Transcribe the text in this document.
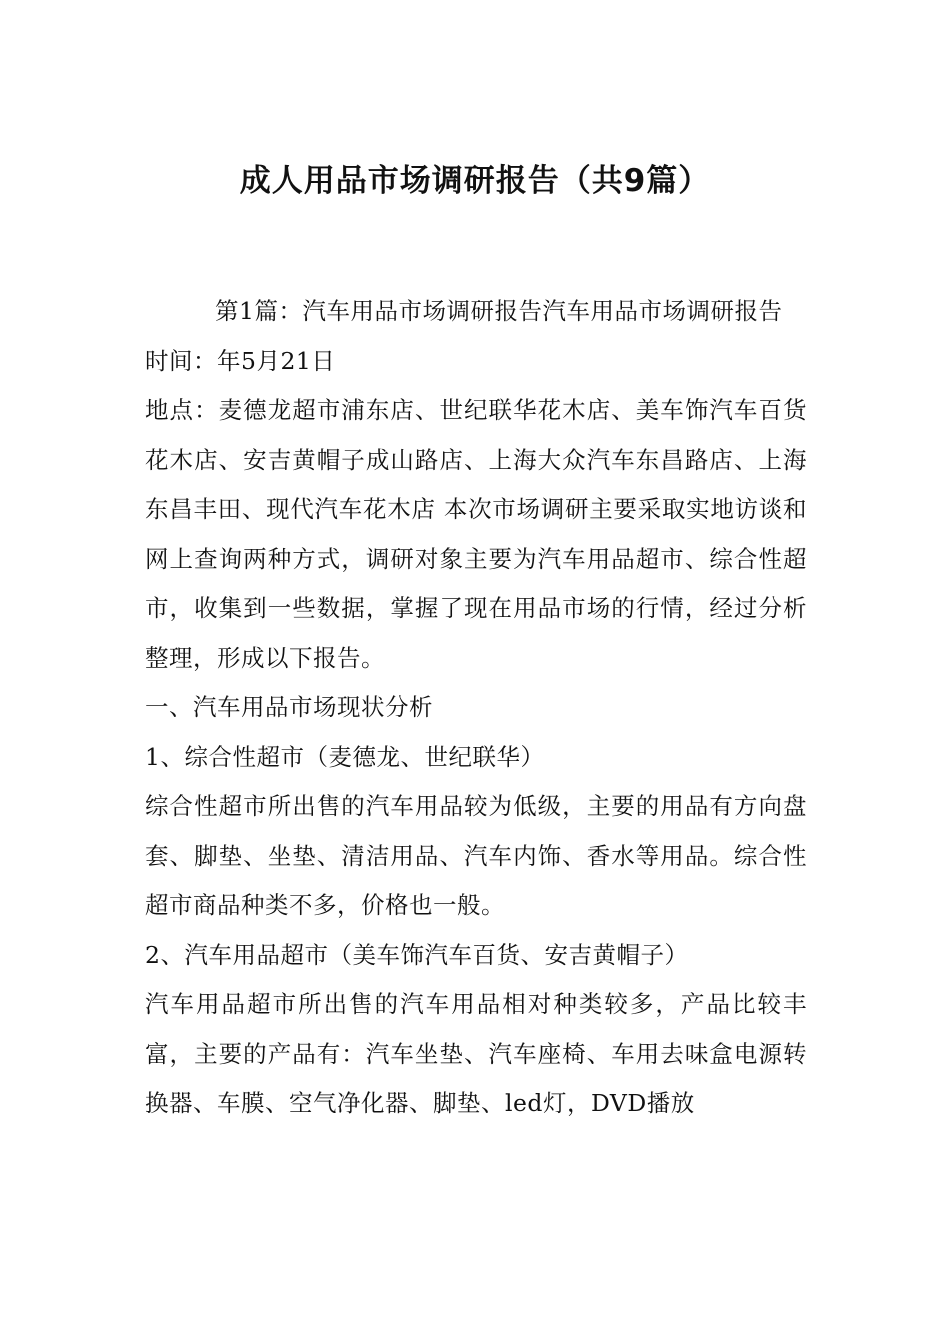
成人用品市场调研报告（共9篇）

第1篇：汽车用品市场调研报告汽车用品市场调研报告

时间：年5月21日

地点：麦德龙超市浦东店、世纪联华花木店、美车饰汽车百货花木店、安吉黄帽子成山路店、上海大众汽车东昌路店、上海东昌丰田、现代汽车花木店 本次市场调研主要采取实地访谈和网上查询两种方式，调研对象主要为汽车用品超市、综合性超市，收集到一些数据，掌握了现在用品市场的行情，经过分析整理，形成以下报告。

一、汽车用品市场现状分析

1、综合性超市（麦德龙、世纪联华）

综合性超市所出售的汽车用品较为低级，主要的用品有方向盘套、脚垫、坐垫、清洁用品、汽车内饰、香水等用品。综合性超市商品种类不多，价格也一般。

2、汽车用品超市（美车饰汽车百货、安吉黄帽子）

汽车用品超市所出售的汽车用品相对种类较多，产品比较丰富，主要的产品有：汽车坐垫、汽车座椅、车用去味盒电源转换器、车膜、空气净化器、脚垫、led灯，DVD播放
